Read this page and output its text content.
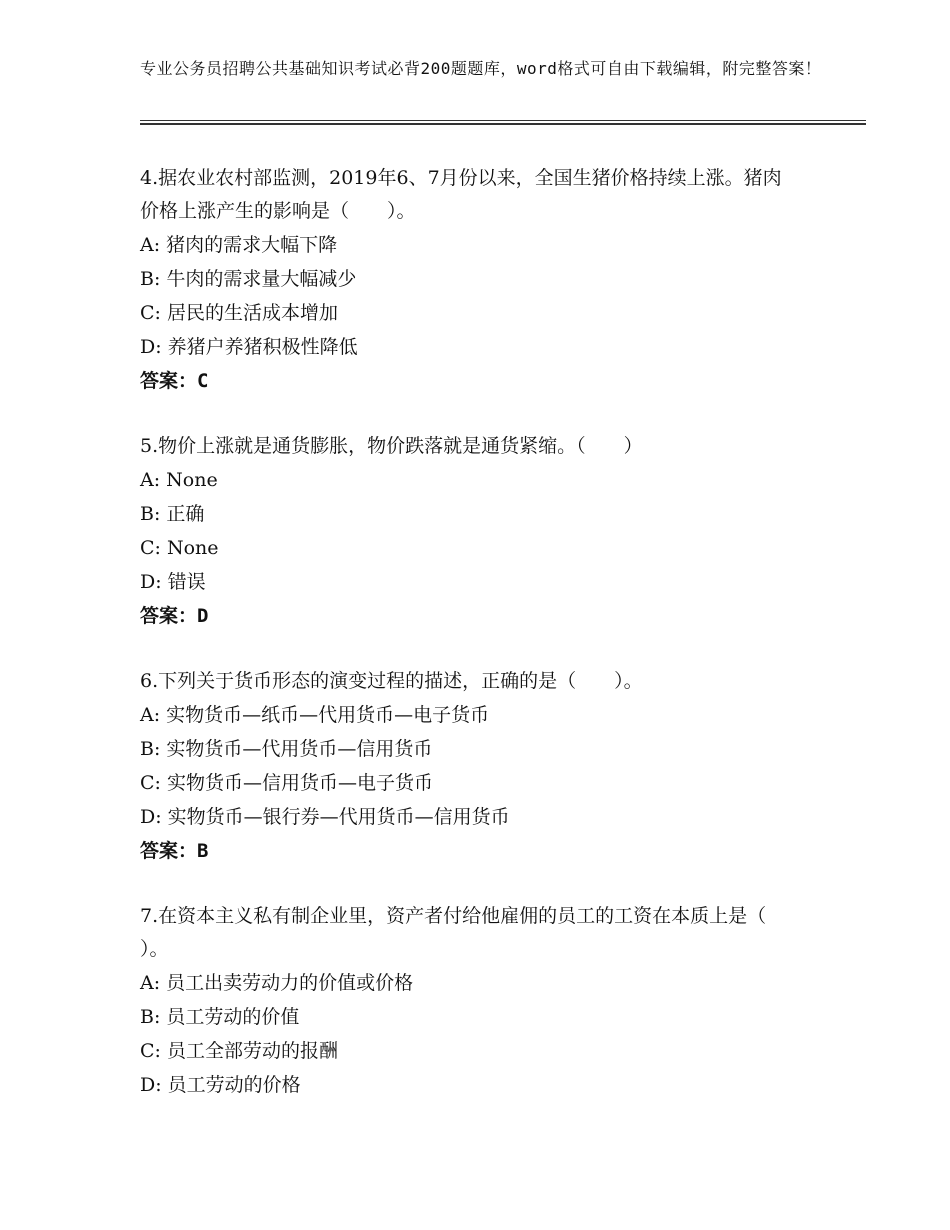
专业公务员招聘公共基础知识考试必背200题题库，word格式可自由下载编辑，附完整答案！

4.据农业农村部监测，2019年6、7月份以来，全国生猪价格持续上涨。猪肉价格上涨产生的影响是（　　）。

A: 猪肉的需求大幅下降

B: 牛肉的需求量大幅减少

C: 居民的生活成本增加

D: 养猪户养猪积极性降低

答案：C

5.物价上涨就是通货膨胀，物价跌落就是通货紧缩。（　　）

A: None

B: 正确

C: None

D: 错误

答案：D

6.下列关于货币形态的演变过程的描述，正确的是（　　）。

A: 实物货币—纸币—代用货币—电子货币

B: 实物货币—代用货币—信用货币

C: 实物货币—信用货币—电子货币

D: 实物货币—银行券—代用货币—信用货币

答案：B

7.在资本主义私有制企业里，资产者付给他雇佣的员工的工资在本质上是（ ）。

A: 员工出卖劳动力的价值或价格

B: 员工劳动的价值

C: 员工全部劳动的报酬

D: 员工劳动的价格
